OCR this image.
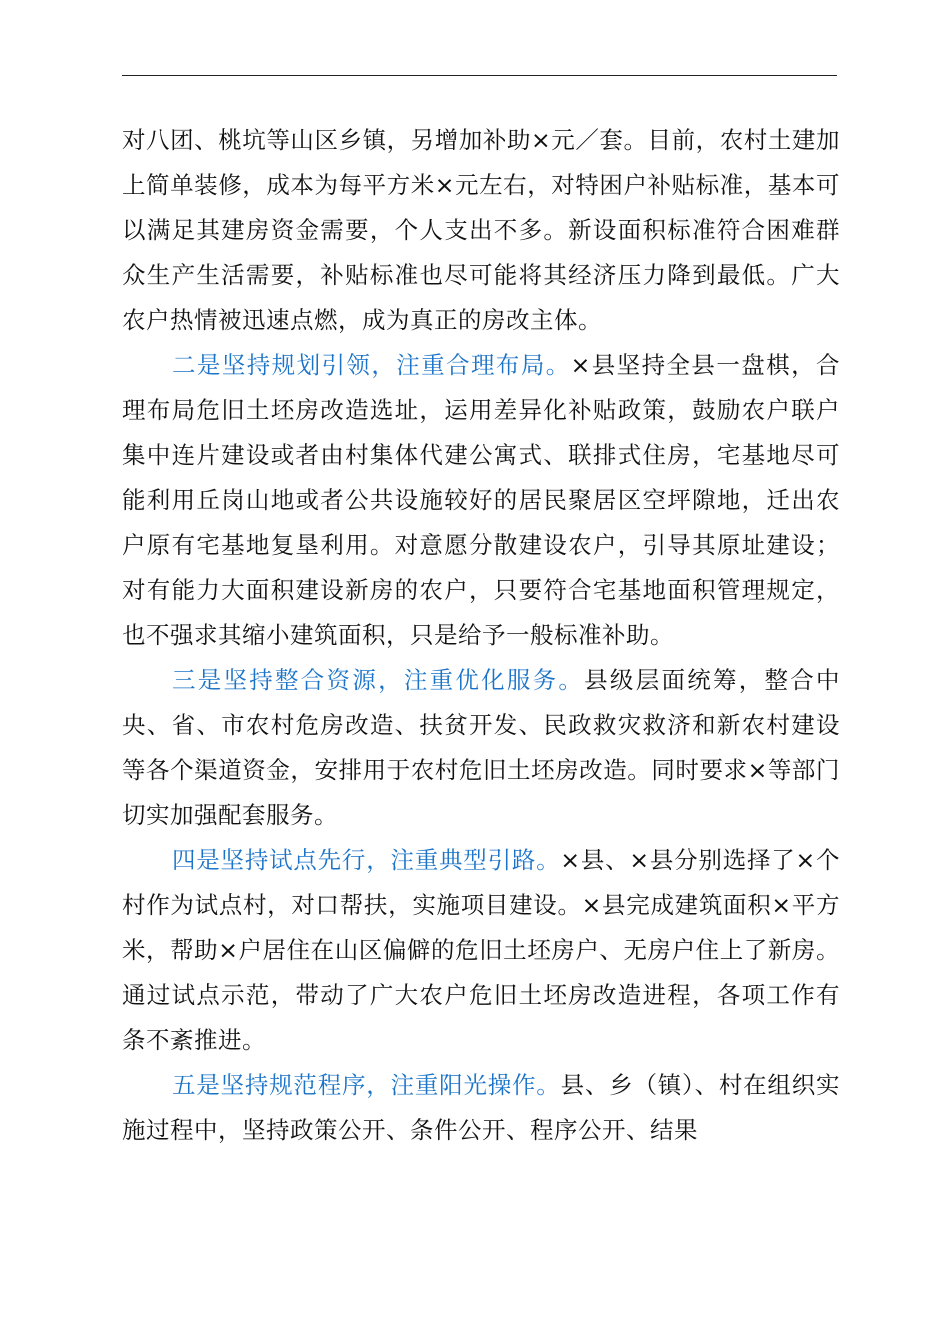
对八团、桃坑等山区乡镇，另增加补助×元／套。目前，农村土建加上简单装修，成本为每平方米×元左右，对特困户补贴标准，基本可以满足其建房资金需要，个人支出不多。新设面积标准符合困难群众生产生活需要，补贴标准也尽可能将其经济压力降到最低。广大农户热情被迅速点燃，成为真正的房改主体。

二是坚持规划引领，注重合理布局。×县坚持全县一盘棋，合理布局危旧土坯房改造选址，运用差异化补贴政策，鼓励农户联户集中连片建设或者由村集体代建公寓式、联排式住房，宅基地尽可能利用丘岗山地或者公共设施较好的居民聚居区空坪隙地，迁出农户原有宅基地复垦利用。对意愿分散建设农户，引导其原址建设；对有能力大面积建设新房的农户，只要符合宅基地面积管理规定，也不强求其缩小建筑面积，只是给予一般标准补助。

三是坚持整合资源，注重优化服务。县级层面统筹，整合中央、省、市农村危房改造、扶贫开发、民政救灾救济和新农村建设等各个渠道资金，安排用于农村危旧土坯房改造。同时要求×等部门切实加强配套服务。

四是坚持试点先行，注重典型引路。×县、×县分别选择了×个村作为试点村，对口帮扶，实施项目建设。×县完成建筑面积×平方米，帮助×户居住在山区偏僻的危旧土坯房户、无房户住上了新房。通过试点示范，带动了广大农户危旧土坯房改造进程，各项工作有条不紊推进。

五是坚持规范程序，注重阳光操作。县、乡（镇）、村在组织实施过程中，坚持政策公开、条件公开、程序公开、结果
